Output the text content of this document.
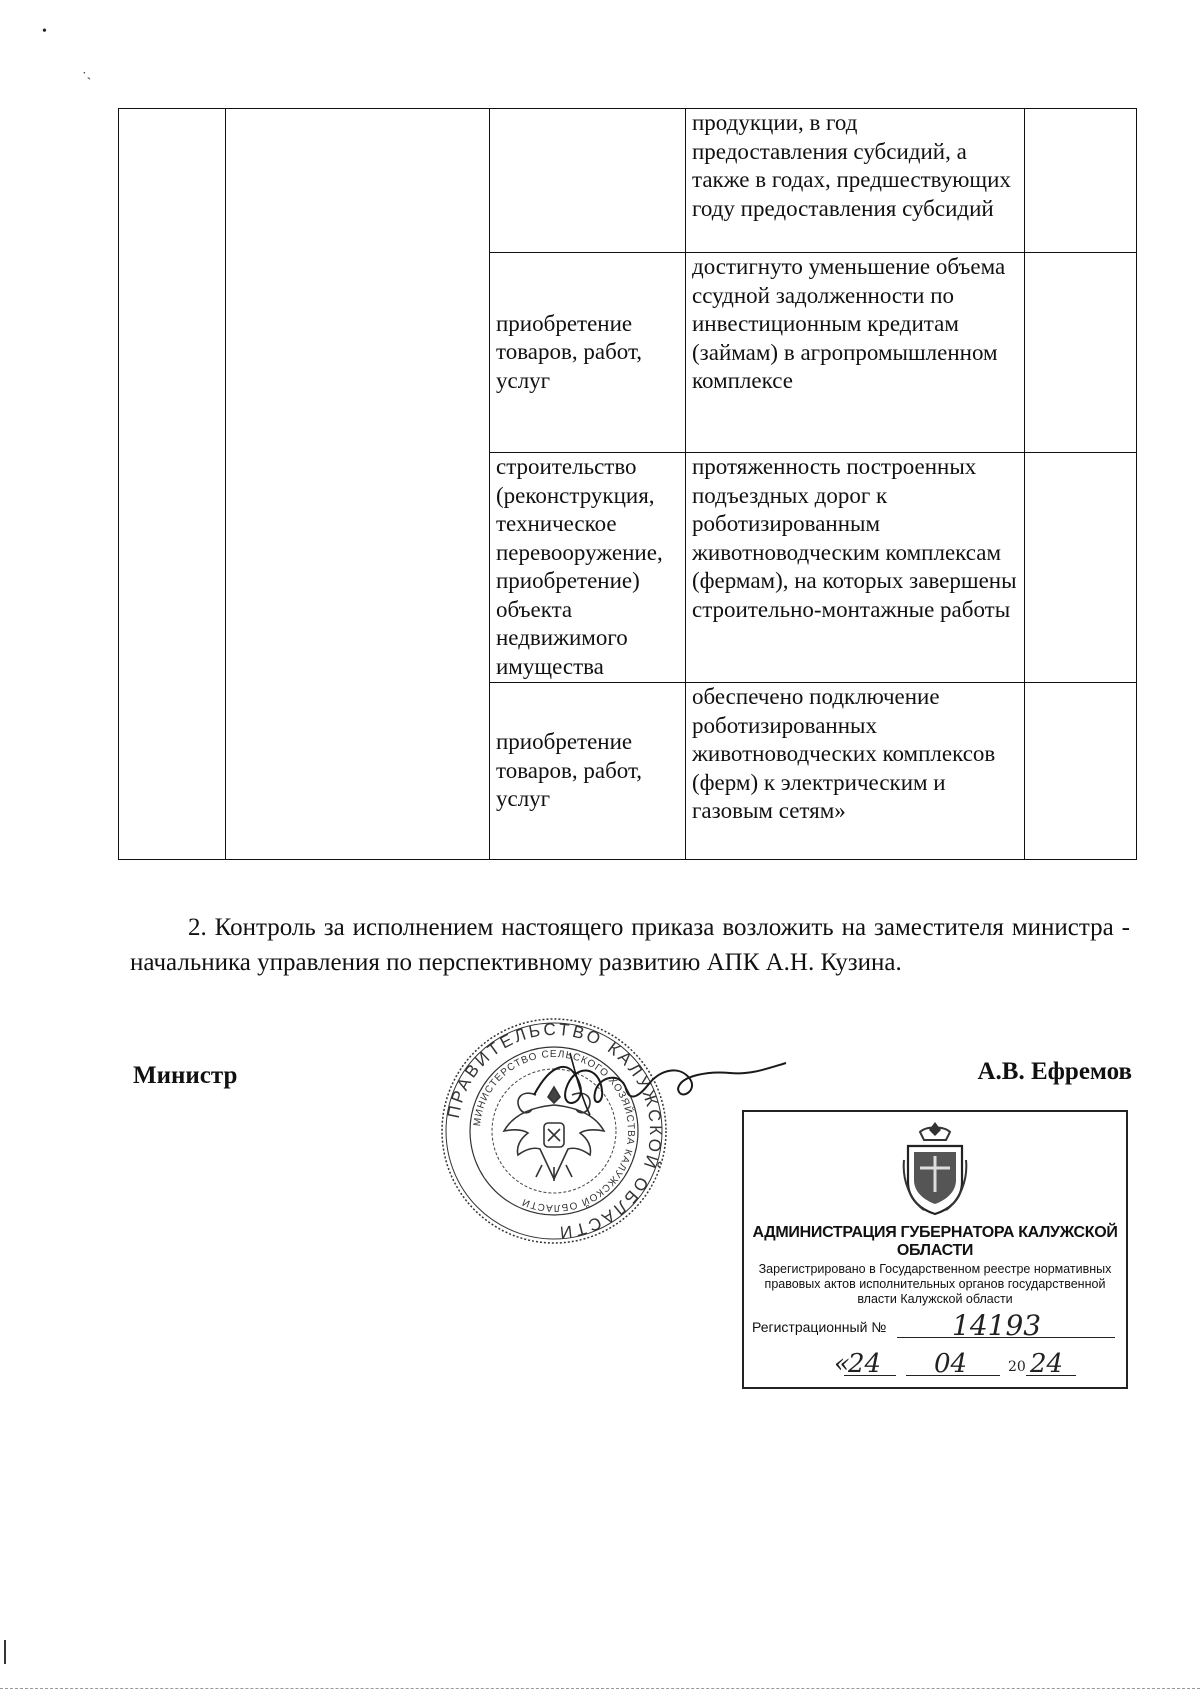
•
˙˴
			продукции, в год предоставления субсидий, а также в годах, предшествующих году предоставления субсидий	
		приобретение товаров, работ, услуг	достигнуто уменьшение объема ссудной задолженности по инвестиционным кредитам (займам) в агропромышленном комплексе	
		строительство (реконструкция, техническое перевооружение, приобретение) объекта недвижимого имущества	протяженность построенных подъездных дорог к роботизированным животноводческим комплексам (фермам), на которых завершены строительно-монтажные работы	
		приобретение товаров, работ, услуг	обеспечено подключение роботизированных животноводческих комплексов (ферм) к электрическим и газовым сетям»	
2. Контроль за исполнением настоящего приказа возложить на заместителя министра - начальника управления по перспективному развитию АПК А.Н. Кузина.
Министр	А.В. Ефремов
ПРАВИТЕЛЬСТВО КАЛУЖСКОЙ ОБЛАСТИ
МИНИСТЕРСТВО СЕЛЬСКОГО ХОЗЯЙСТВА КАЛУЖСКОЙ ОБЛАСТИ
АДМИНИСТРАЦИЯ ГУБЕРНАТОРА КАЛУЖСКОЙ ОБЛАСТИ
Зарегистрировано в Государственном реестре нормативных правовых актов исполнительных органов государственной власти Калужской области
Регистрационный № 14193
«
24 04	20 24
